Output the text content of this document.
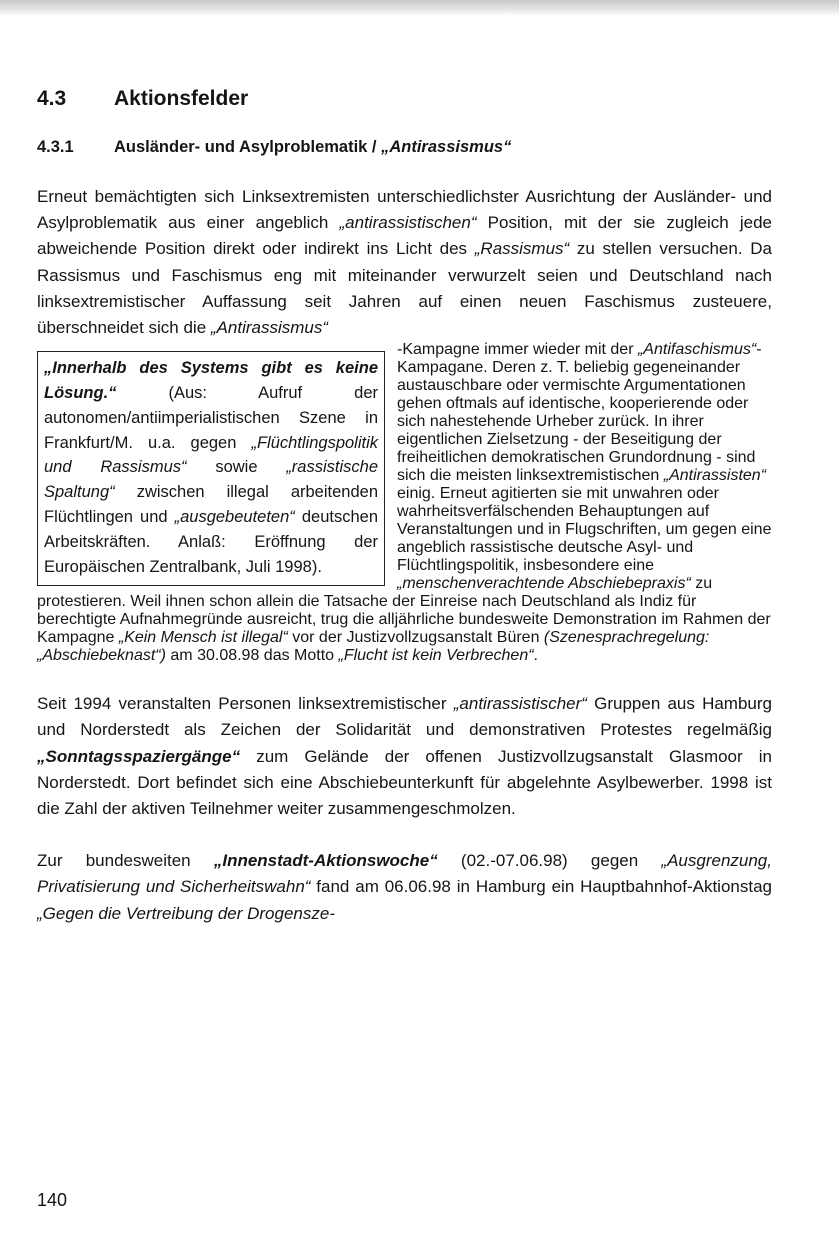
4.3 Aktionsfelder
4.3.1 Ausländer- und Asylproblematik / „Antirassismus“

Erneut bemächtigten sich Linksextremisten unterschiedlichster Ausrichtung der Ausländer- und Asylproblematik aus einer angeblich „antirassistischen“ Position, mit der sie zugleich jede abweichende Position direkt oder indirekt ins Licht des „Rassismus“ zu stellen versuchen. Da Rassismus und Faschismus eng mit miteinander verwurzelt seien und Deutschland nach linksextremistischer Auffassung seit Jahren auf einen neuen Faschismus zusteuere, überschneidet sich die „Antirassismus“

„Innerhalb des Systems gibt es keine Lösung.“ (Aus: Aufruf der autonomen/antiimperialistischen Szene in Frankfurt/M. u.a. gegen „Flüchtlingspolitik und Rassismus“ sowie „rassistische Spaltung“ zwischen illegal arbeitenden Flüchtlingen und „ausgebeuteten“ deutschen Arbeitskräften. Anlaß: Eröffnung der Europäischen Zentralbank, Juli 1998).
-Kampagne immer wieder mit der „Antifaschismus“-Kampagane. Deren z. T. beliebig gegeneinander austauschbare oder vermischte Argumentationen gehen oftmals auf identische, kooperierende oder sich nahestehende Urheber zurück. In ihrer eigentlichen Zielsetzung - der Beseitigung der freiheitlichen demokratischen Grundordnung - sind sich die meisten linksextremistischen „Antirassisten“ einig. Erneut agitierten sie mit unwahren oder wahrheitsverfälschenden Behauptungen auf Veranstaltungen und in Flugschriften, um gegen eine angeblich rassistische deutsche Asyl- und Flüchtlingspolitik, insbesondere eine „menschenverachtende Abschiebepraxis“ zu protestieren. Weil ihnen schon allein die Tatsache der Einreise nach Deutschland als Indiz für berechtigte Aufnahmegründe ausreicht, trug die alljährliche bundesweite Demonstration im Rahmen der Kampagne „Kein Mensch ist illegal“ vor der Justizvollzugsanstalt Büren (Szenesprachregelung: „Abschiebeknast“) am 30.08.98 das Motto „Flucht ist kein Verbrechen“.

Seit 1994 veranstalten Personen linksextremistischer „antirassistischer“ Gruppen aus Hamburg und Norderstedt als Zeichen der Solidarität und demonstrativen Protestes regelmäßig „Sonntagsspaziergänge“ zum Gelände der offenen Justizvollzugsanstalt Glasmoor in Norderstedt. Dort befindet sich eine Abschiebeunterkunft für abgelehnte Asylbewerber. 1998 ist die Zahl der aktiven Teilnehmer weiter zusammengeschmolzen.

Zur bundesweiten „Innenstadt-Aktionswoche“ (02.-07.06.98) gegen „Ausgrenzung, Privatisierung und Sicherheitswahn“ fand am 06.06.98 in Hamburg ein Hauptbahnhof-Aktionstag „Gegen die Vertreibung der Drogensze-

140
